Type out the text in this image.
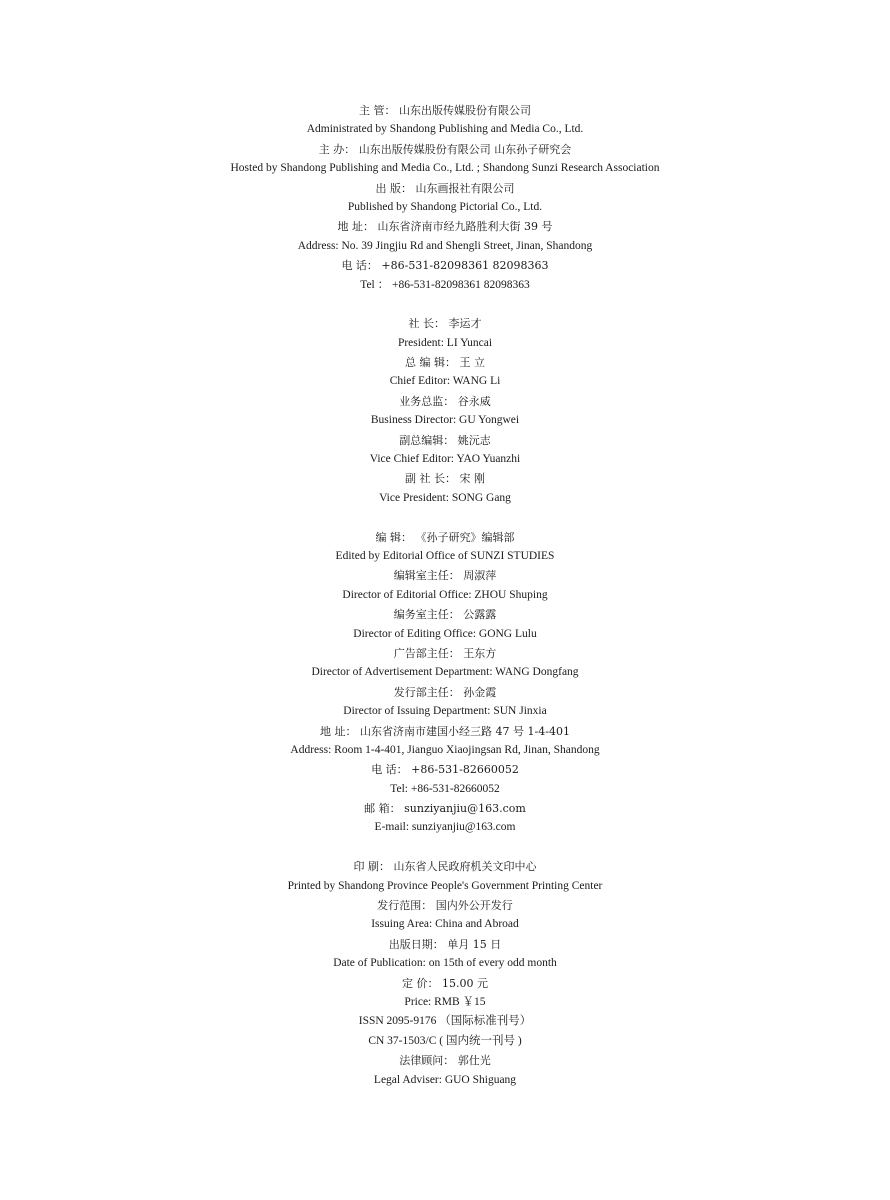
主 管： 山东出版传媒股份有限公司
Administrated by Shandong Publishing and Media Co., Ltd.
主 办： 山东出版传媒股份有限公司 山东孙子研究会
Hosted by Shandong Publishing and Media Co., Ltd. ; Shandong Sunzi Research Association
出 版： 山东画报社有限公司
Published by Shandong Pictorial Co., Ltd.
地 址： 山东省济南市经九路胜利大街 39 号
Address: No. 39 Jingjiu Rd and Shengli Street, Jinan, Shandong
电 话： +86-531-82098361 82098363
Tel ： +86-531-82098361 82098363
社 长： 李运才
President: LI Yuncai
总 编 辑： 王 立
Chief Editor: WANG Li
业务总监： 谷永威
Business Director: GU Yongwei
副总编辑： 姚沅志
Vice Chief Editor: YAO Yuanzhi
副 社 长： 宋 刚
Vice President: SONG Gang
编 辑： 《孙子研究》编辑部
Edited by Editorial Office of SUNZI STUDIES
编辑室主任： 周淑萍
Director of Editorial Office: ZHOU Shuping
编务室主任： 公露露
Director of Editing Office: GONG Lulu
广告部主任： 王东方
Director of Advertisement Department: WANG Dongfang
发行部主任： 孙金霞
Director of Issuing Department: SUN Jinxia
地 址： 山东省济南市建国小经三路 47 号 1-4-401
Address: Room 1-4-401, Jianguo Xiaojingsan Rd, Jinan, Shandong
电 话： +86-531-82660052
Tel: +86-531-82660052
邮 箱： sunziyanjiu@163.com
E-mail: sunziyanjiu@163.com
印 刷： 山东省人民政府机关文印中心
Printed by Shandong Province People's Government Printing Center
发行范围： 国内外公开发行
Issuing Area: China and Abroad
出版日期： 单月 15 日
Date of Publication: on 15th of every odd month
定 价： 15.00 元
Price: RMB ￥15
ISSN 2095-9176 （国际标准刊号）
CN 37-1503/C ( 国内统一刊号 )
法律顾问： 郭仕光
Legal Adviser: GUO Shiguang
